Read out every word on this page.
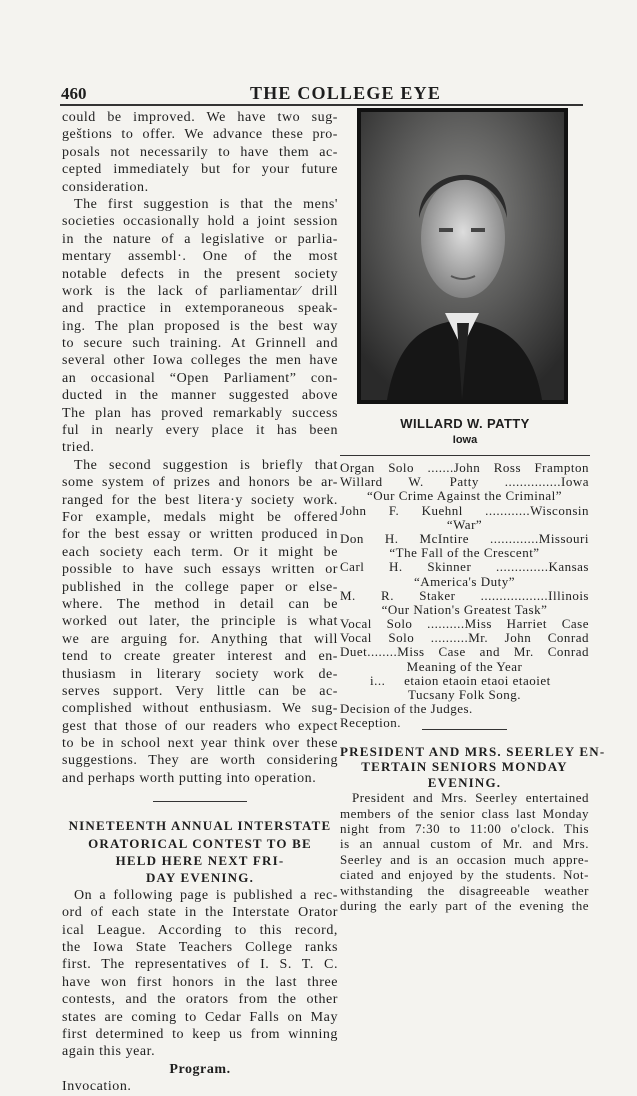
460	THE COLLEGE EYE
could be improved. We have two sug-
geštions to offer. We advance these pro-
posals not necessarily to have them ac-
cepted immediately but for your future
consideration.
The first suggestion is that the mens'
societies occasionally hold a joint session
in the nature of a legislative or parlia-
mentary assembl·. One of the most
notable defects in the present society
work is the lack of parliamentar⁄ drill
and practice in extemporaneous speak-
ing. The plan proposed is the best way
to secure such training. At Grinnell and
several other Iowa colleges the men have
an occasional “Open Parliament” con-
ducted in the manner suggested above
The plan has proved remarkably success
ful in nearly every place it has been
tried.
The second suggestion is briefly that
some system of prizes and honors be ar-
ranged for the best litera·y society work.
For example, medals might be offered
for the best essay or written produced in
each society each term. Or it might be
possible to have such essays written or
published in the college paper or else-
where. The method in detail can be
worked out later, the principle is what
we are arguing for. Anything that will
tend to create greater interest and en-
thusiasm in literary society work de-
serves support. Very little can be ac-
complished without enthusiasm. We sug-
gest that those of our readers who expect
to be in school next year think over these
suggestions. They are worth considering
and perhaps worth putting into operation.
NINETEENTH ANNUAL INTERSTATE
ORATORICAL CONTEST TO BE
HELD HERE NEXT FRI-
DAY EVENING.
On a following page is published a rec-
ord of each state in the Interstate Orator
ical League. According to this record,
the Iowa State Teachers College ranks
first. The representatives of I. S. T. C.
have won first honors in the last three
contests, and the orators from the other
states are coming to Cedar Falls on May
first determined to keep us from winning
again this year.
Program.
Invocation.
WILLARD W. PATTY
Iowa
Organ Solo .......John Ross Frampton
Willard W. Patty ...............Iowa
“Our Crime Against the Criminal”
John F. Kuehnl ............Wisconsin
“War”
Don H. McIntire .............Missouri
“The Fall of the Crescent”
Carl H. Skinner ..............Kansas
“America's Duty”
M. R. Staker ..................Illinois
“Our Nation's Greatest Task”
Vocal Solo ..........Miss Harriet Case
Vocal Solo ..........Mr. John Conrad
Duet........Miss Case and Mr. Conrad
Meaning of the Year
i...     etaion etaoin etaoi etaoiet
Tucsany Folk Song.
Decision of the Judges.
Reception.
PRESIDENT AND MRS. SEERLEY EN-
TERTAIN SENIORS MONDAY
EVENING.
President and Mrs. Seerley entertained
members of the senior class last Monday
night from 7:30 to 11:00 o'clock. This
is an annual custom of Mr. and Mrs.
Seerley and is an occasion much appre-
ciated and enjoyed by the students. Not-
withstanding the disagreeable weather
during the early part of the evening the
